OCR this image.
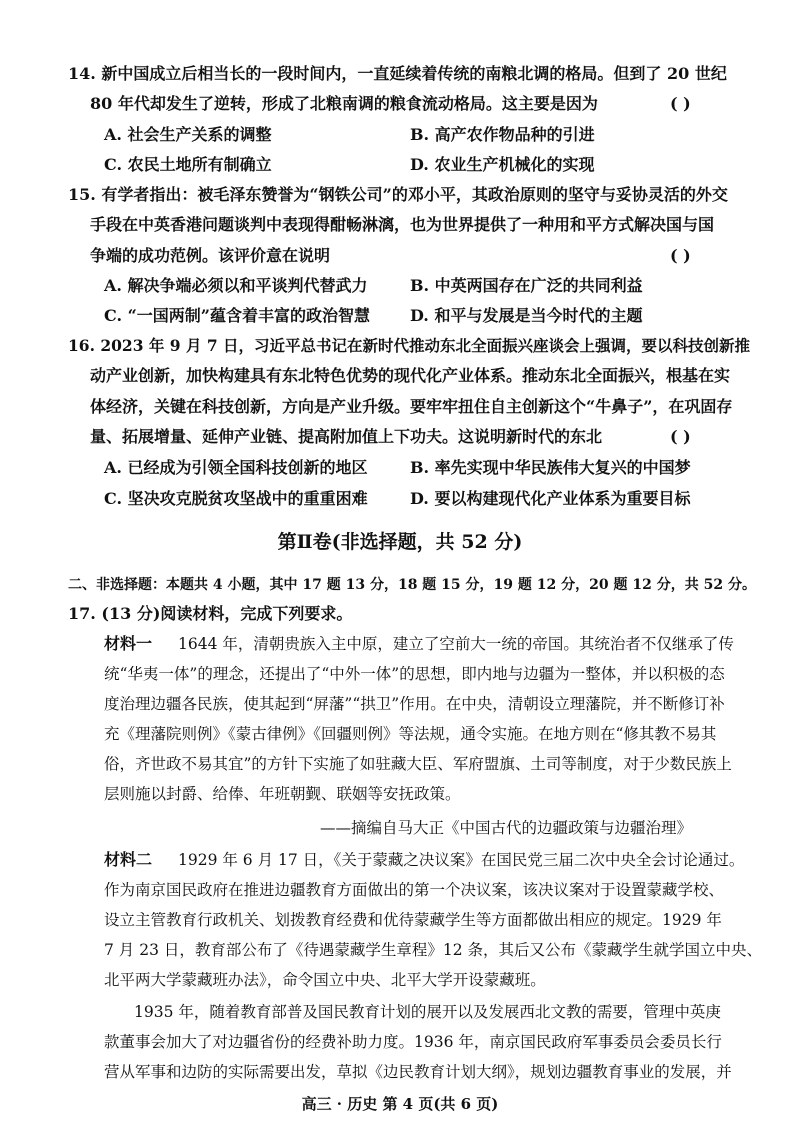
14. 新中国成立后相当长的一段时间内，一直延续着传统的南粮北调的格局。但到了 20 世纪
80 年代却发生了逆转，形成了北粮南调的粮食流动格局。这主要是因为	( )
A. 社会生产关系的调整	B. 高产农作物品种的引进
C. 农民土地所有制确立	D. 农业生产机械化的实现
15. 有学者指出：被毛泽东赞誉为“钢铁公司”的邓小平，其政治原则的坚守与妥协灵活的外交
手段在中英香港问题谈判中表现得酣畅淋漓，也为世界提供了一种用和平方式解决国与国
争端的成功范例。该评价意在说明	( )
A. 解决争端必须以和平谈判代替武力	B. 中英两国存在广泛的共同利益
C. “一国两制”蕴含着丰富的政治智慧 D. 和平与发展是当今时代的主题
16. 2023 年 9 月 7 日，习近平总书记在新时代推动东北全面振兴座谈会上强调，要以科技创新推
动产业创新，加快构建具有东北特色优势的现代化产业体系。推动东北全面振兴，根基在实
体经济，关键在科技创新，方向是产业升级。要牢牢扭住自主创新这个“牛鼻子”，在巩固存
量、拓展增量、延伸产业链、提高附加值上下功夫。这说明新时代的东北	( )
A. 已经成为引领全国科技创新的地区	B. 率先实现中华民族伟大复兴的中国梦
C. 坚决攻克脱贫攻坚战中的重重困难	D. 要以构建现代化产业体系为重要目标
第Ⅱ卷(非选择题，共 52 分)
二、非选择题：本题共 4 小题，其中 17 题 13 分，18 题 15 分，19 题 12 分，20 题 12 分，共 52 分。
17. (13 分)阅读材料，完成下列要求。
材料一 1644 年，清朝贵族入主中原，建立了空前大一统的帝国。其统治者不仅继承了传
统“华夷一体”的理念，还提出了“中外一体”的思想，即内地与边疆为一整体，并以积极的态
度治理边疆各民族，使其起到“屏藩”“拱卫”作用。在中央，清朝设立理藩院，并不断修订补
充《理藩院则例》《蒙古律例》《回疆则例》等法规，通令实施。在地方则在“修其教不易其
俗，齐世政不易其宜”的方针下实施了如驻藏大臣、军府盟旗、土司等制度，对于少数民族上
层则施以封爵、给俸、年班朝觐、联姻等安抚政策。
——摘编自马大正《中国古代的边疆政策与边疆治理》
材料二 1929 年 6 月 17 日，《关于蒙藏之决议案》在国民党三届二次中央全会讨论通过。
作为南京国民政府在推进边疆教育方面做出的第一个决议案，该决议案对于设置蒙藏学校、
设立主管教育行政机关、划拨教育经费和优待蒙藏学生等方面都做出相应的规定。1929 年
7 月 23 日，教育部公布了《待遇蒙藏学生章程》12 条，其后又公布《蒙藏学生就学国立中央、
北平两大学蒙藏班办法》，命令国立中央、北平大学开设蒙藏班。
1935 年，随着教育部普及国民教育计划的展开以及发展西北文教的需要，管理中英庚
款董事会加大了对边疆省份的经费补助力度。1936 年，南京国民政府军事委员会委员长行
营从军事和边防的实际需要出发，草拟《边民教育计划大纲》，规划边疆教育事业的发展，并
高三 · 历史 第 4 页(共 6 页)
